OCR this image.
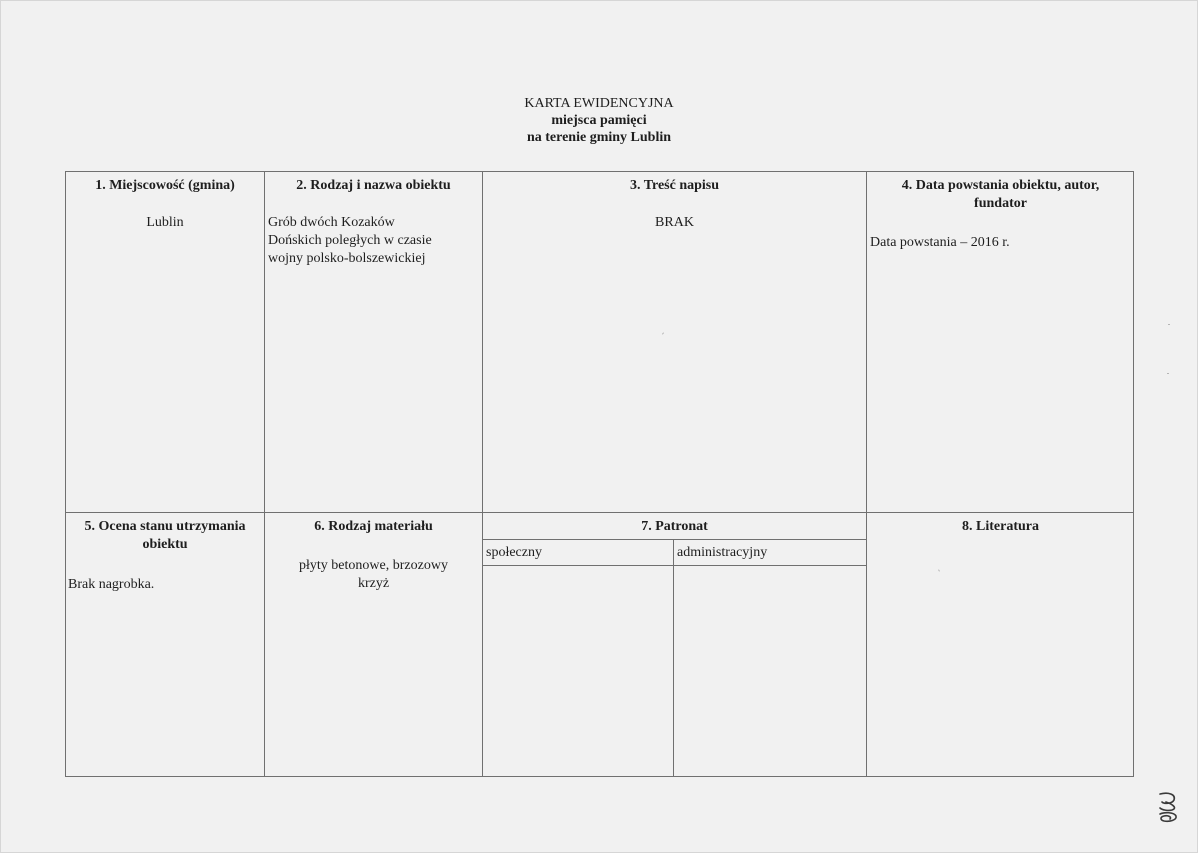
KARTA EWIDENCYJNA
miejsca pamięci
na terenie gminy Lublin
1. Miejscowość (gmina)
Lublin
2. Rodzaj i nazwa obiektu
Grób dwóch Kozaków
Dońskich poległych w czasie
wojny polsko-bolszewickiej
3. Treść napisu
BRAK
4. Data powstania obiektu, autor,
fundator
Data powstania – 2016 r.
5. Ocena stanu utrzymania
obiektu
Brak nagrobka.
6. Rodzaj materiału
płyty betonowe, brzozowy
krzyż
7. Patronat
społeczny	administracyjny
8. Literatura
